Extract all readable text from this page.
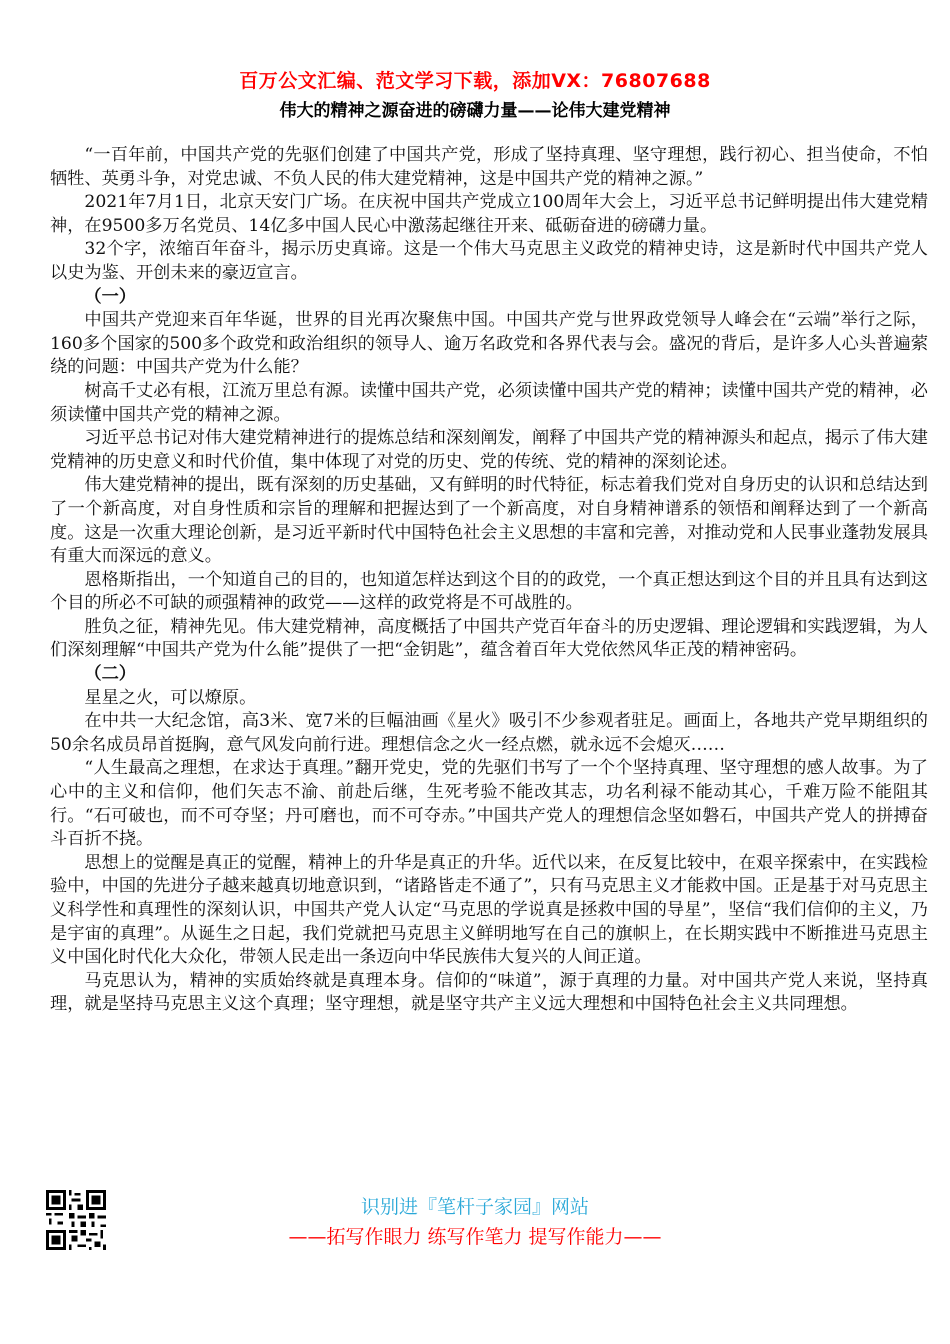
百万公文汇编、范文学习下载，添加VX：76807688
伟大的精神之源奋进的磅礴力量——论伟大建党精神

“一百年前，中国共产党的先驱们创建了中国共产党，形成了坚持真理、坚守理想，践行初心、担当使命，不怕牺牲、英勇斗争，对党忠诚、不负人民的伟大建党精神，这是中国共产党的精神之源。”

2021年7月1日，北京天安门广场。在庆祝中国共产党成立100周年大会上，习近平总书记鲜明提出伟大建党精神，在9500多万名党员、14亿多中国人民心中激荡起继往开来、砥砺奋进的磅礴力量。

32个字，浓缩百年奋斗，揭示历史真谛。这是一个伟大马克思主义政党的精神史诗，这是新时代中国共产党人以史为鉴、开创未来的豪迈宣言。

（一）

中国共产党迎来百年华诞，世界的目光再次聚焦中国。中国共产党与世界政党领导人峰会在“云端”举行之际，160多个国家的500多个政党和政治组织的领导人、逾万名政党和各界代表与会。盛况的背后，是许多人心头普遍萦绕的问题：中国共产党为什么能？

树高千丈必有根，江流万里总有源。读懂中国共产党，必须读懂中国共产党的精神；读懂中国共产党的精神，必须读懂中国共产党的精神之源。

习近平总书记对伟大建党精神进行的提炼总结和深刻阐发，阐释了中国共产党的精神源头和起点，揭示了伟大建党精神的历史意义和时代价值，集中体现了对党的历史、党的传统、党的精神的深刻论述。

伟大建党精神的提出，既有深刻的历史基础，又有鲜明的时代特征，标志着我们党对自身历史的认识和总结达到了一个新高度，对自身性质和宗旨的理解和把握达到了一个新高度，对自身精神谱系的领悟和阐释达到了一个新高度。这是一次重大理论创新，是习近平新时代中国特色社会主义思想的丰富和完善，对推动党和人民事业蓬勃发展具有重大而深远的意义。

恩格斯指出，一个知道自己的目的，也知道怎样达到这个目的的政党，一个真正想达到这个目的并且具有达到这个目的所必不可缺的顽强精神的政党——这样的政党将是不可战胜的。

胜负之征，精神先见。伟大建党精神，高度概括了中国共产党百年奋斗的历史逻辑、理论逻辑和实践逻辑，为人们深刻理解“中国共产党为什么能”提供了一把“金钥匙”，蕴含着百年大党依然风华正茂的精神密码。

（二）

星星之火，可以燎原。

在中共一大纪念馆，高3米、宽7米的巨幅油画《星火》吸引不少参观者驻足。画面上，各地共产党早期组织的50余名成员昂首挺胸，意气风发向前行进。理想信念之火一经点燃，就永远不会熄灭……

“人生最高之理想，在求达于真理。”翻开党史，党的先驱们书写了一个个坚持真理、坚守理想的感人故事。为了心中的主义和信仰，他们矢志不渝、前赴后继，生死考验不能改其志，功名利禄不能动其心，千难万险不能阻其行。“石可破也，而不可夺坚；丹可磨也，而不可夺赤。”中国共产党人的理想信念坚如磐石，中国共产党人的拼搏奋斗百折不挠。

思想上的觉醒是真正的觉醒，精神上的升华是真正的升华。近代以来，在反复比较中，在艰辛探索中，在实践检验中，中国的先进分子越来越真切地意识到，“诸路皆走不通了”，只有马克思主义才能救中国。正是基于对马克思主义科学性和真理性的深刻认识，中国共产党人认定“马克思的学说真是拯救中国的导星”，坚信“我们信仰的主义，乃是宇宙的真理”。从诞生之日起，我们党就把马克思主义鲜明地写在自己的旗帜上，在长期实践中不断推进马克思主义中国化时代化大众化，带领人民走出一条迈向中华民族伟大复兴的人间正道。

马克思认为，精神的实质始终就是真理本身。信仰的“味道”，源于真理的力量。对中国共产党人来说，坚持真理，就是坚持马克思主义这个真理；坚守理想，就是坚守共产主义远大理想和中国特色社会主义共同理想。

识别进『笔杆子家园』网站
——拓写作眼力 练写作笔力 提写作能力——
